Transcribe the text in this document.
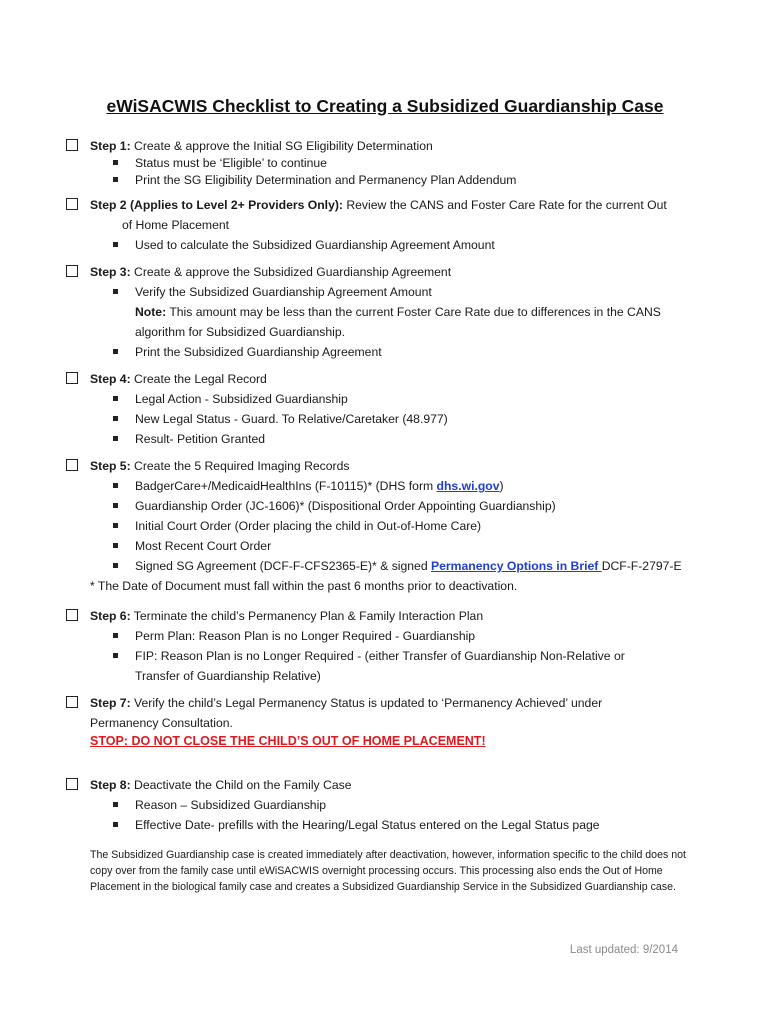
eWiSACWIS Checklist to Creating a Subsidized Guardianship Case
Step 1: Create & approve the Initial SG Eligibility Determination
Status must be ‘Eligible’ to continue
Print the SG Eligibility Determination and Permanency Plan Addendum
Step 2 (Applies to Level 2+ Providers Only): Review the CANS and Foster Care Rate for the current Out
of Home Placement
Used to calculate the Subsidized Guardianship Agreement Amount
Step 3: Create & approve the Subsidized Guardianship Agreement
Verify the Subsidized Guardianship Agreement Amount
Note: This amount may be less than the current Foster Care Rate due to differences in the CANS
algorithm for Subsidized Guardianship.
Print the Subsidized Guardianship Agreement
Step 4: Create the Legal Record
Legal Action - Subsidized Guardianship
New Legal Status - Guard. To Relative/Caretaker (48.977)
Result- Petition Granted
Step 5: Create the 5 Required Imaging Records
BadgerCare+/MedicaidHealthIns (F-10115)* (DHS form dhs.wi.gov)
Guardianship Order (JC-1606)* (Dispositional Order Appointing Guardianship)
Initial Court Order (Order placing the child in Out-of-Home Care)
Most Recent Court Order
Signed SG Agreement (DCF-F-CFS2365-E)* & signed Permanency Options in Brief DCF-F-2797-E
* The Date of Document must fall within the past 6 months prior to deactivation.
Step 6: Terminate the child’s Permanency Plan & Family Interaction Plan
Perm Plan: Reason Plan is no Longer Required - Guardianship
FIP: Reason Plan is no Longer Required - (either Transfer of Guardianship Non-Relative or
Transfer of Guardianship Relative)
Step 7: Verify the child’s Legal Permanency Status is updated to ‘Permanency Achieved’ under
Permanency Consultation.
STOP: DO NOT CLOSE THE CHILD’S OUT OF HOME PLACEMENT!
Step 8: Deactivate the Child on the Family Case
Reason – Subsidized Guardianship
Effective Date- prefills with the Hearing/Legal Status entered on the Legal Status page
The Subsidized Guardianship case is created immediately after deactivation, however, information specific to the child does not copy over from the family case until eWiSACWIS overnight processing occurs. This processing also ends the Out of Home Placement in the biological family case and creates a Subsidized Guardianship Service in the Subsidized Guardianship case.
Last updated: 9/2014
